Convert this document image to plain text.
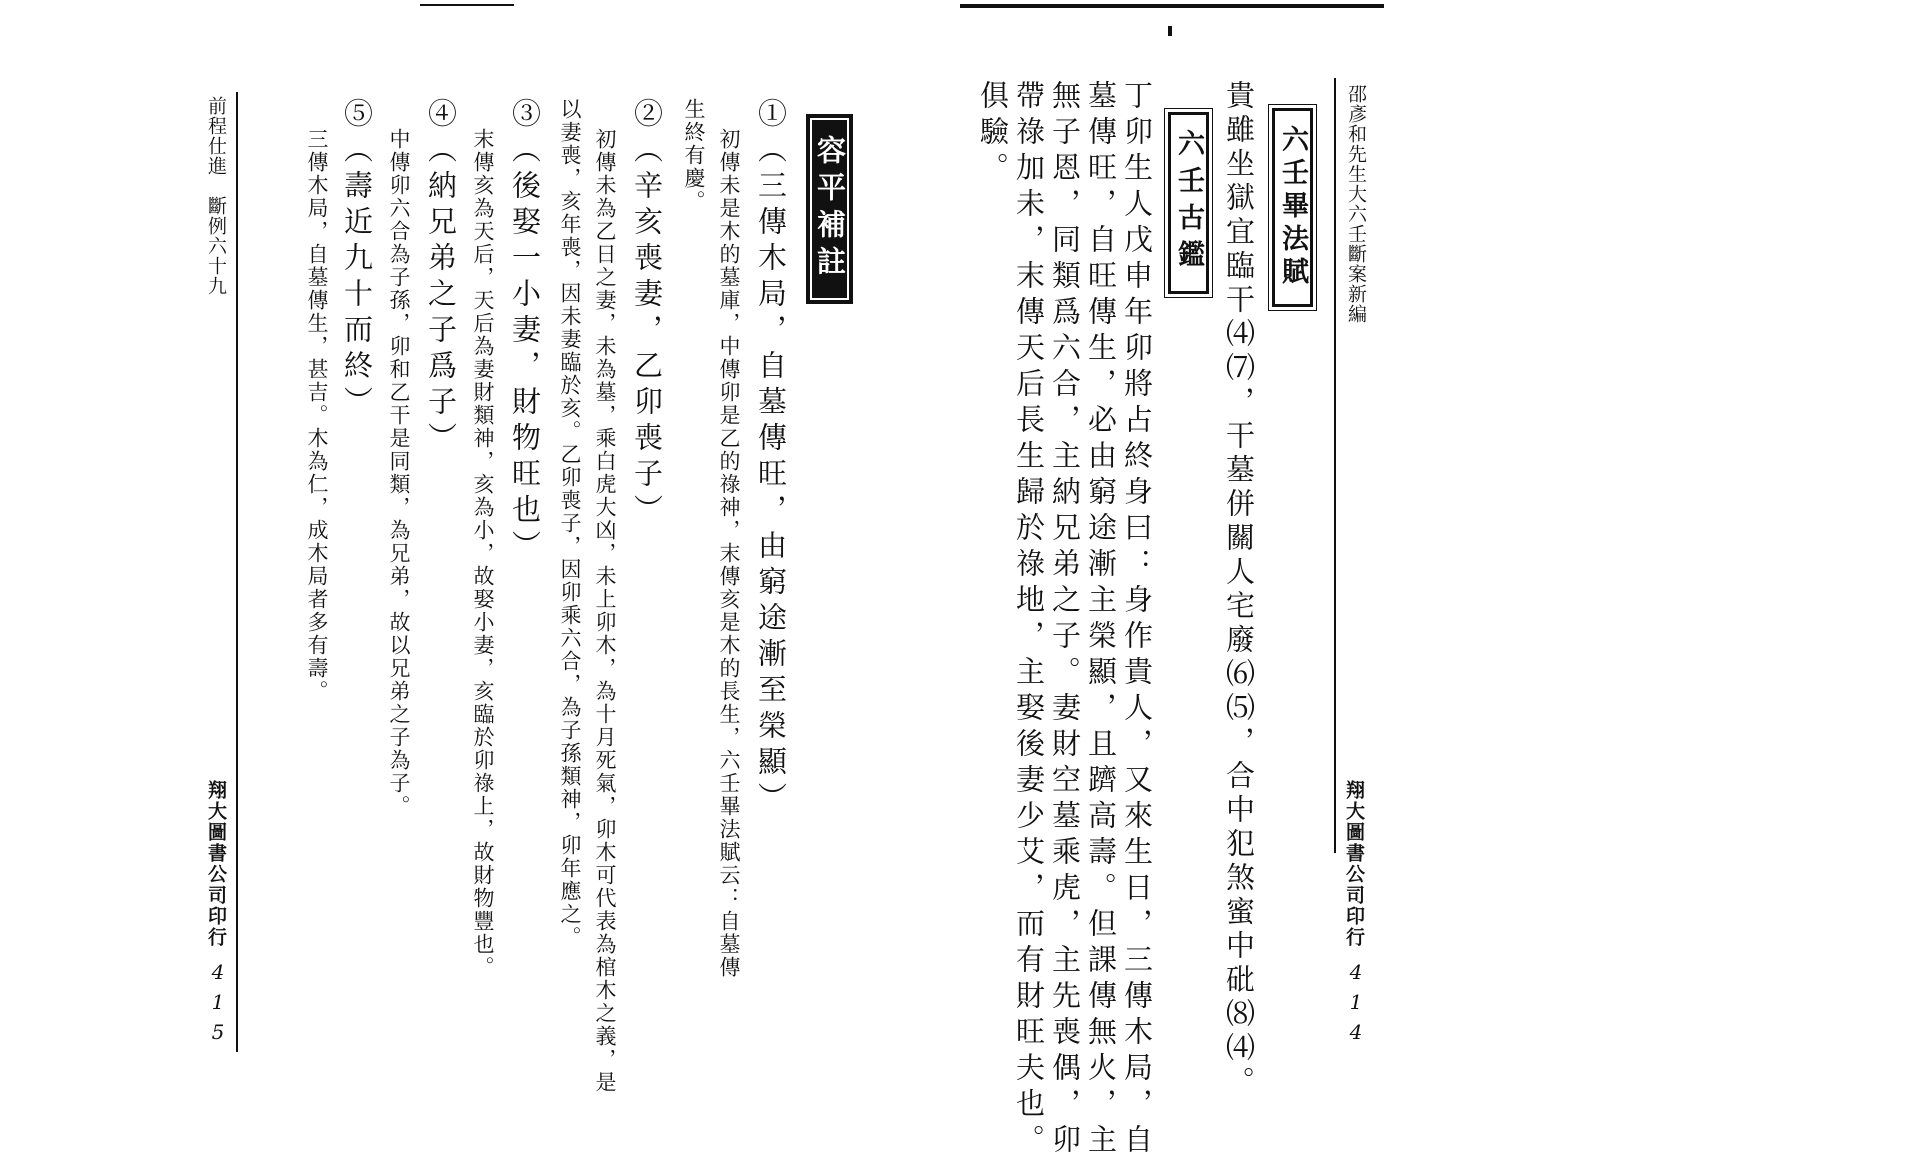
邵彥和先生大六壬斷案新編
六壬畢法賦
貴雖坐獄宜臨干⑷⑺，干墓併關人宅廢⑹⑸，合中犯煞蜜中砒⑻⑷。
六壬古鑑
丁卯生人戊申年卯將占終身曰：身作貴人，又來生日，三傳木局，自
墓傳旺，自旺傳生，必由窮途漸主榮顯，且躋高壽。但課傳無火，主
無子恩，同類爲六合，主納兄弟之子。妻財空墓乘虎，主先喪偶，卯
帶祿加未，末傳天后長生歸於祿地，主娶後妻少艾，而有財旺夫也。
俱驗。
翔大圖書公司印行
414
容平補註
①（三傳木局，自墓傳旺，由窮途漸至榮顯）
初傳未是木的墓庫，中傳卯是乙的祿神，末傳亥是木的長生，六壬畢法賦云：自墓傳
生終有慶。
②（辛亥喪妻，乙卯喪子）
初傳未為乙日之妻，未為墓，乘白虎大凶，未上卯木，為十月死氣，卯木可代表為棺木之義，是
以妻喪，亥年喪，因未妻臨於亥。乙卯喪子，因卯乘六合，為子孫類神，卯年應之。
③（後娶一小妻，財物旺也）
末傳亥為天后，天后為妻財類神，亥為小，故娶小妻，亥臨於卯祿上，故財物豐也。
④（納兄弟之子爲子）
中傳卯六合為子孫，卯和乙干是同類，為兄弟，故以兄弟之子為子。
⑤（壽近九十而終）
三傳木局，自墓傳生，甚吉。木為仁，成木局者多有壽。
前程仕進　斷例六十九
翔大圖書公司印行
415
